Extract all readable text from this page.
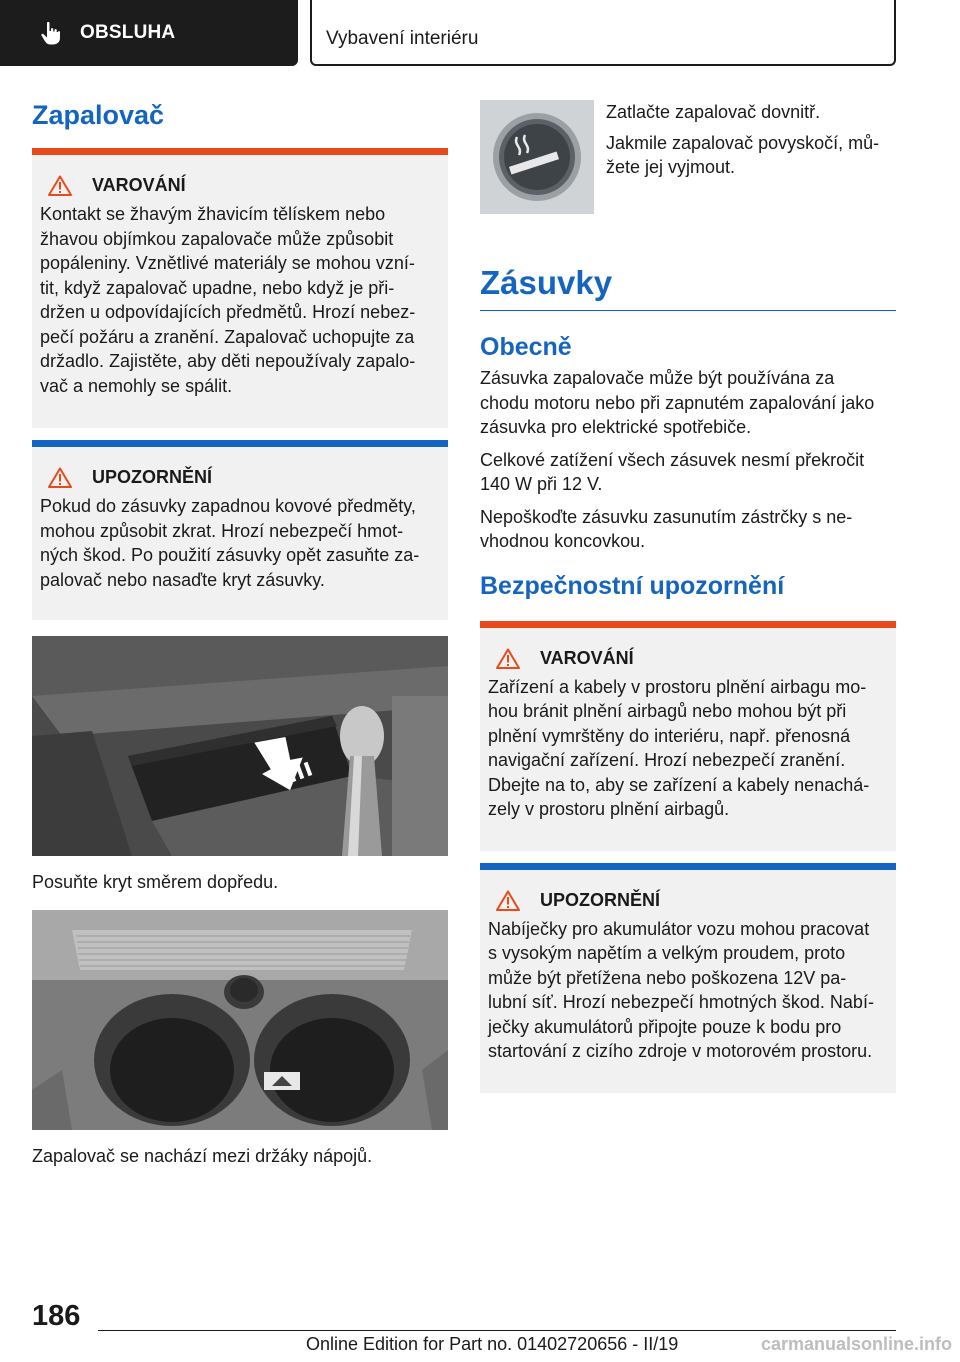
OBSLUHA	Vybavení interiéru
Zapalovač
VAROVÁNÍ

Kontakt se žhavým žhavicím tělískem nebo
žhavou objímkou zapalovače může způsobit
popáleniny. Vznětlivé materiály se mohou vzní‐
tit, když zapalovač upadne, nebo když je při‐
držen u odpovídajících předmětů. Hrozí nebez‐
pečí požáru a zranění. Zapalovač uchopujte za
držadlo. Zajistěte, aby děti nepoužívaly zapalo‐
vač a nemohly se spálit.

UPOZORNĚNÍ

Pokud do zásuvky zapadnou kovové předměty,
mohou způsobit zkrat. Hrozí nebezpečí hmot‐
ných škod. Po použití zásuvky opět zasuňte za‐
palovač nebo nasaďte kryt zásuvky.

Posuňte kryt směrem dopředu.

Zapalovač se nachází mezi držáky nápojů.

Zatlačte zapalovač dovnitř.

Jakmile zapalovač povyskočí, mů‐
žete jej vyjmout.

Zásuvky
Obecně

Zásuvka zapalovače může být používána za
chodu motoru nebo při zapnutém zapalování jako
zásuvka pro elektrické spotřebiče.

Celkové zatížení všech zásuvek nesmí překročit
140 W při 12 V.

Nepoškoďte zásuvku zasunutím zástrčky s ne‐
vhodnou koncovkou.

Bezpečnostní upozornění
VAROVÁNÍ

Zařízení a kabely v prostoru plnění airbagu mo‐
hou bránit plnění airbagů nebo mohou být při
plnění vymrštěny do interiéru, např. přenosná
navigační zařízení. Hrozí nebezpečí zranění.
Dbejte na to, aby se zařízení a kabely nenachá‐
zely v prostoru plnění airbagů.

UPOZORNĚNÍ

Nabíječky pro akumulátor vozu mohou pracovat
s vysokým napětím a velkým proudem, proto
může být přetížena nebo poškozena 12V pa‐
lubní síť. Hrozí nebezpečí hmotných škod. Nabí‐
ječky akumulátorů připojte pouze k bodu pro
startování z cizího zdroje v motorovém prostoru.

186
Online Edition for Part no. 01402720656 - II/19	carmanualsonline.info
